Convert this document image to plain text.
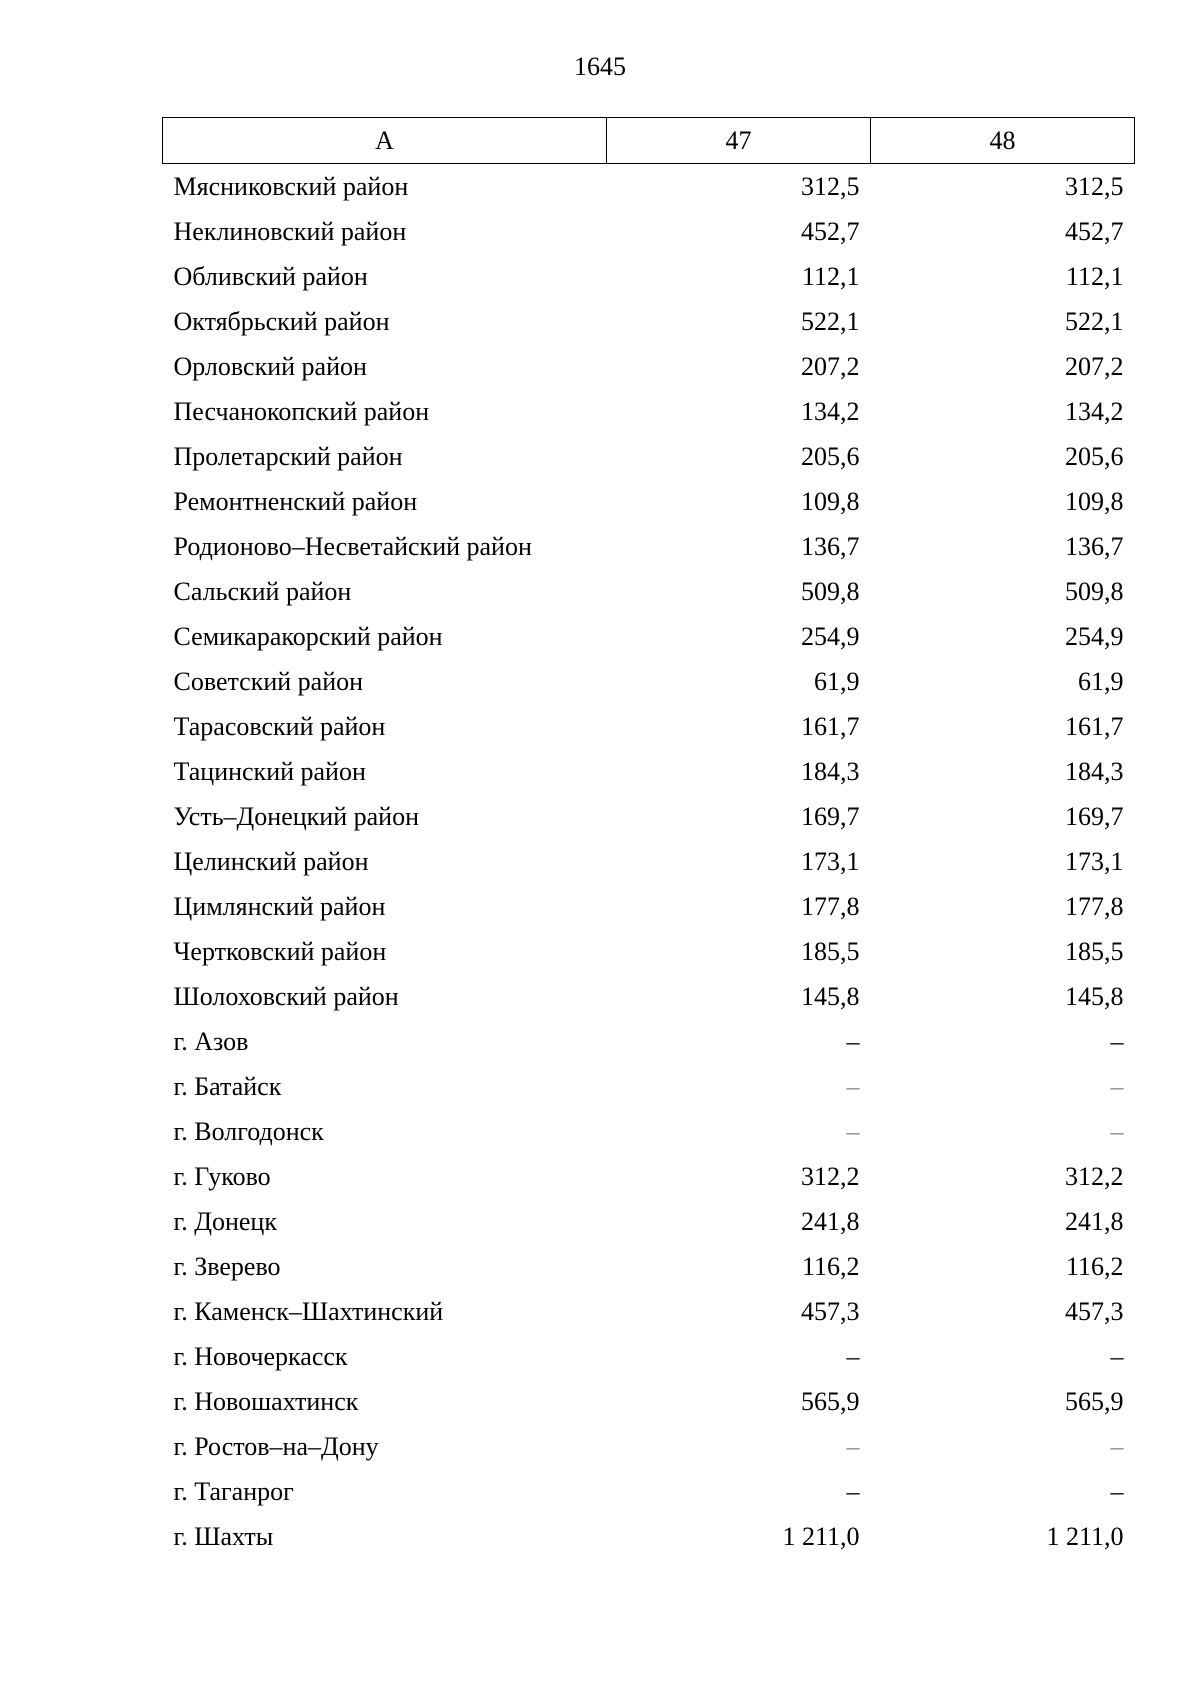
1645
А	47	48
Мясниковский район	312,5	312,5
Неклиновский район	452,7	452,7
Обливский район	112,1	112,1
Октябрьский район	522,1	522,1
Орловский район	207,2	207,2
Песчанокопский район	134,2	134,2
Пролетарский район	205,6	205,6
Ремонтненский район	109,8	109,8
Родионово–Несветайский район	136,7	136,7
Сальский район	509,8	509,8
Семикаракорский район	254,9	254,9
Советский район	61,9	61,9
Тарасовский район	161,7	161,7
Тацинский район	184,3	184,3
Усть–Донецкий район	169,7	169,7
Целинский район	173,1	173,1
Цимлянский район	177,8	177,8
Чертковский район	185,5	185,5
Шолоховский район	145,8	145,8
г. Азов	–	–
г. Батайск	–	–
г. Волгодонск	–	–
г. Гуково	312,2	312,2
г. Донецк	241,8	241,8
г. Зверево	116,2	116,2
г. Каменск–Шахтинский	457,3	457,3
г. Новочеркасск	–	–
г. Новошахтинск	565,9	565,9
г. Ростов–на–Дону	–	–
г. Таганрог	–	–
г. Шахты	1 211,0	1 211,0
